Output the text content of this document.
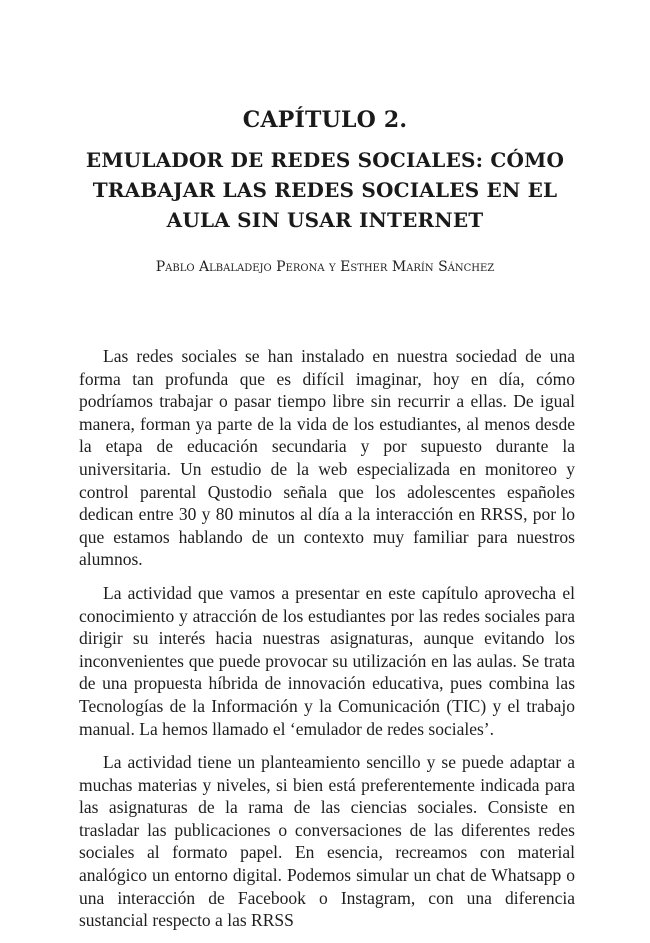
CAPÍTULO 2.
EMULADOR DE REDES SOCIALES: CÓMO
TRABAJAR LAS REDES SOCIALES EN EL
AULA SIN USAR INTERNET
Pablo Albaladejo Perona y Esther Marín Sánchez

Las redes sociales se han instalado en nuestra sociedad de una forma tan profunda que es difícil imaginar, hoy en día, cómo podríamos trabajar o pasar tiempo libre sin recurrir a ellas. De igual manera, forman ya parte de la vida de los estudiantes, al menos desde la etapa de educación secundaria y por supuesto durante la universitaria. Un estudio de la web especializada en monitoreo y control parental Qustodio señala que los adolescentes españoles dedican entre 30 y 80 minutos al día a la interacción en RRSS, por lo que estamos hablando de un contexto muy familiar para nuestros alumnos.

La actividad que vamos a presentar en este capítulo aprovecha el conocimiento y atracción de los estudiantes por las redes sociales para dirigir su interés hacia nuestras asignaturas, aunque evitando los inconvenientes que puede provocar su utilización en las aulas. Se trata de una propuesta híbrida de innovación educativa, pues combina las Tecnologías de la Información y la Comunicación (TIC) y el trabajo manual. La hemos llamado el ‘emulador de redes sociales’.

La actividad tiene un planteamiento sencillo y se puede adaptar a muchas materias y niveles, si bien está preferentemente indicada para las asignaturas de la rama de las ciencias sociales. Consiste en trasladar las publicaciones o conversaciones de las diferentes redes sociales al formato papel. En esencia, recreamos con material analógico un entorno digital. Podemos simular un chat de Whatsapp o una interacción de Facebook o Instagram, con una diferencia sustancial respecto a las RRSS
